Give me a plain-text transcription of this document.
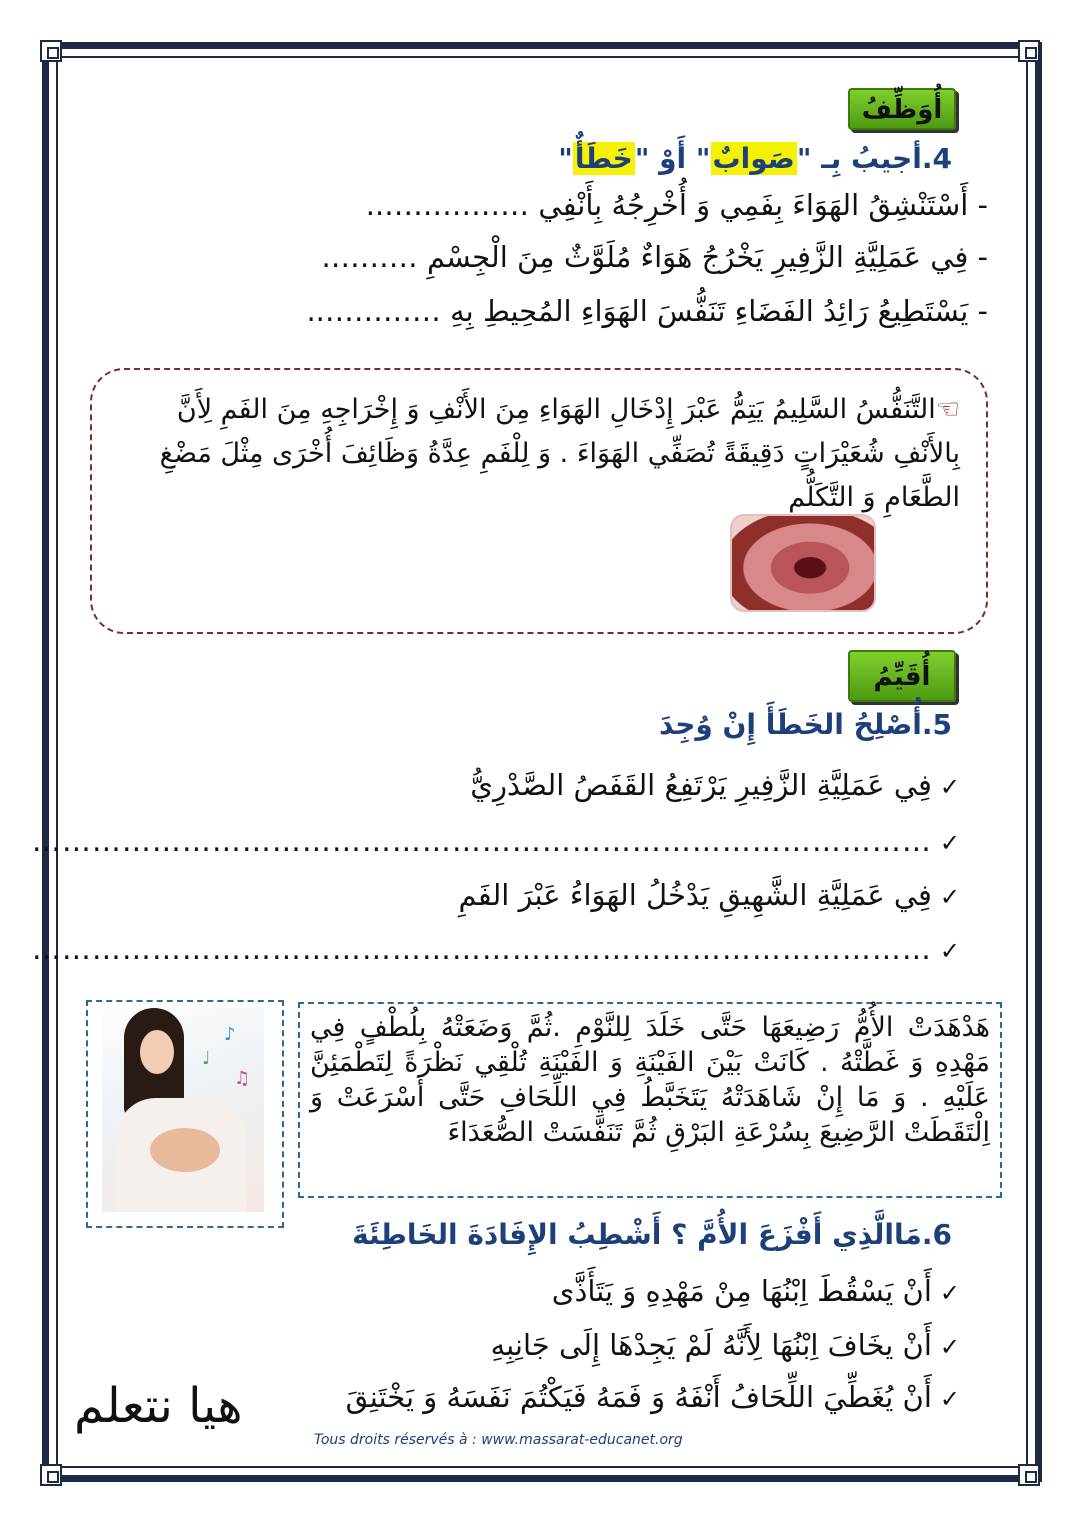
أُوَظِّفُ
4.أجيبُ بِـ "صَوابٌ" أَوْ "خَطَأٌ"
- أَسْتَنْشِقُ الهَوَاءَ بِفَمِي وَ أُخْرِجُهُ بِأَنْفِي ……………..
- فِي عَمَلِيَّةِ الزَّفِيرِ يَخْرُجُ هَوَاءٌ مُلَوَّثٌ مِنَ الْجِسْمِ ……….
- يَسْتَطِيعُ رَائِدُ الفَضَاءِ تَنَفُّسَ الهَوَاءِ المُحِيطِ بِهِ …………..
☜التَّنَفُّسُ السَّلِيمُ يَتِمُّ عَبْرَ إِدْخَالِ الهَوَاءِ مِنَ الأَنْفِ وَ إِخْرَاجِهِ مِنَ الفَمِ لِأَنَّ بِالأَنْفِ شُعَيْرَاتٍ دَقِيقَةً تُصَفِّي الهَوَاءَ . وَ لِلْفَمِ عِدَّةُ وَظَائِفَ أُخْرَى مِثْلَ مَضْغِ الطَّعَامِ وَ التَّكَلُّمِ
أُقَيِّمُ
5.أُصْلِحُ الخَطَأَ إِنْ وُجِدَ
✓فِي عَمَلِيَّةِ الزَّفِيرِ يَرْتَفِعُ القَفَصُ الصَّدْرِيُّ
✓………………………………………………………………………………
✓فِي عَمَلِيَّةِ الشَّهِيقِ يَدْخُلُ الهَوَاءُ عَبْرَ الفَمِ
✓………………………………………………………………………………
هَدْهَدَتْ الأُمُّ رَضِيعَهَا حَتَّى خَلَدَ لِلنَّوْمِ .ثُمَّ وَضَعَتْهُ بِلُطْفٍ فِي مَهْدِهِ وَ غَطَّتْهُ . كَانَتْ بَيْنَ الفَيْنَةِ وَ الفَيْنَةِ تُلْقِي نَظْرَةً لِتَطْمَئِنَّ عَلَيْهِ . وَ مَا إِنْ شَاهَدَتْهُ يَتَخَبَّطُ فِي اللِّحَافِ حَتَّى أَسْرَعَتْ وَ اِلْتَقَطَتْ الرَّضِيعَ بِسُرْعَةِ البَرْقِ ثُمَّ تَنَفَّسَتْ الصُّعَدَاءَ
♪
♫
♩
6.مَاالَّذِي أَفْزَعَ الأُمَّ ؟ أَشْطِبُ الإِفَادَةَ الخَاطِئَةَ
✓أَنْ يَسْقُطَ اِبْنُهَا مِنْ مَهْدِهِ وَ يَتَأَذَّى
✓أَنْ يخَافَ اِبْنُهَا لِأَنَّهُ لَمْ يَجِدْهَا إِلَى جَانِبِهِ
✓أَنْ يُغَطِّيَ اللِّحَافُ أَنْفَهُ وَ فَمَهُ فَيَكْتُمَ نَفَسَهُ وَ يَخْتَنِقَ
هيا نتعلم
Tous droits réservés à : www.massarat-educanet.org
